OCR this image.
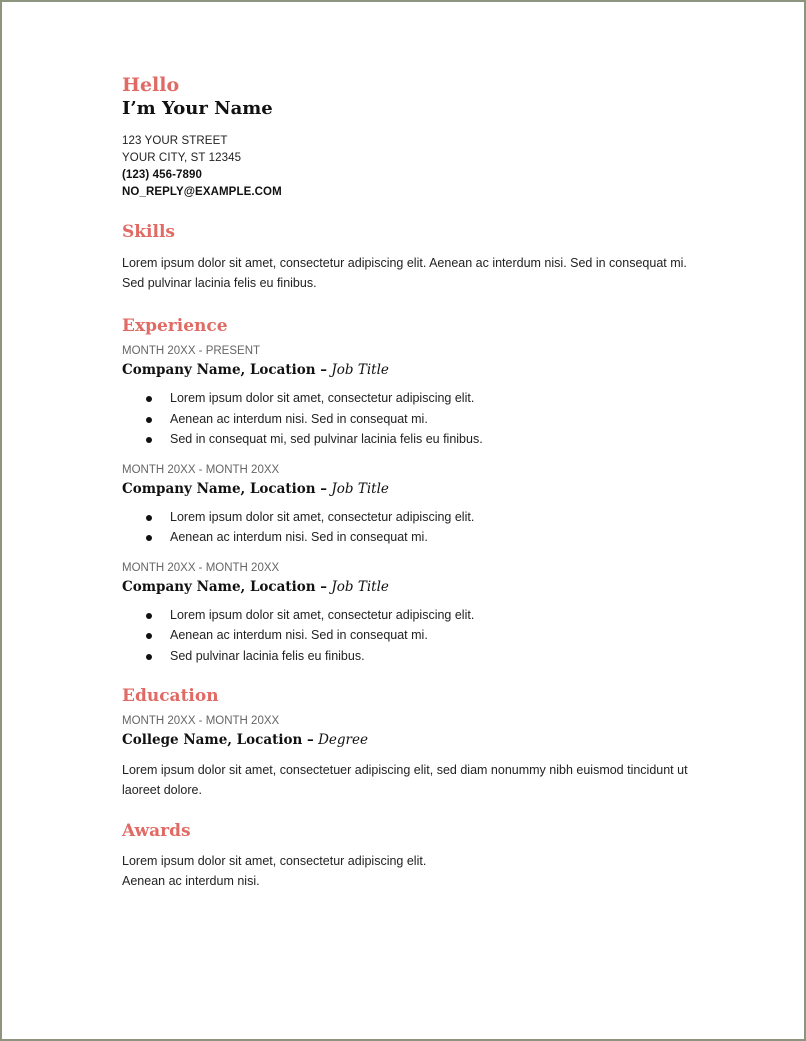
Hello

I’m Your Name

123 YOUR STREET

YOUR CITY, ST 12345

(123) 456-7890

NO_REPLY@EXAMPLE.COM

Skills

Lorem ipsum dolor sit amet, consectetur adipiscing elit. Aenean ac interdum nisi. Sed in consequat mi. Sed pulvinar lacinia felis eu finibus.

Experience

MONTH 20XX - PRESENT

Company Name, Location – Job Title

Lorem ipsum dolor sit amet, consectetur adipiscing elit.
Aenean ac interdum nisi. Sed in consequat mi.
Sed in consequat mi, sed pulvinar lacinia felis eu finibus.

MONTH 20XX - MONTH 20XX

Company Name, Location – Job Title

Lorem ipsum dolor sit amet, consectetur adipiscing elit.
Aenean ac interdum nisi. Sed in consequat mi.

MONTH 20XX - MONTH 20XX

Company Name, Location – Job Title

Lorem ipsum dolor sit amet, consectetur adipiscing elit.
Aenean ac interdum nisi. Sed in consequat mi.
Sed pulvinar lacinia felis eu finibus.

Education

MONTH 20XX - MONTH 20XX

College Name, Location – Degree

Lorem ipsum dolor sit amet, consectetuer adipiscing elit, sed diam nonummy nibh euismod tincidunt ut laoreet dolore.

Awards

Lorem ipsum dolor sit amet, consectetur adipiscing elit.

Aenean ac interdum nisi.
